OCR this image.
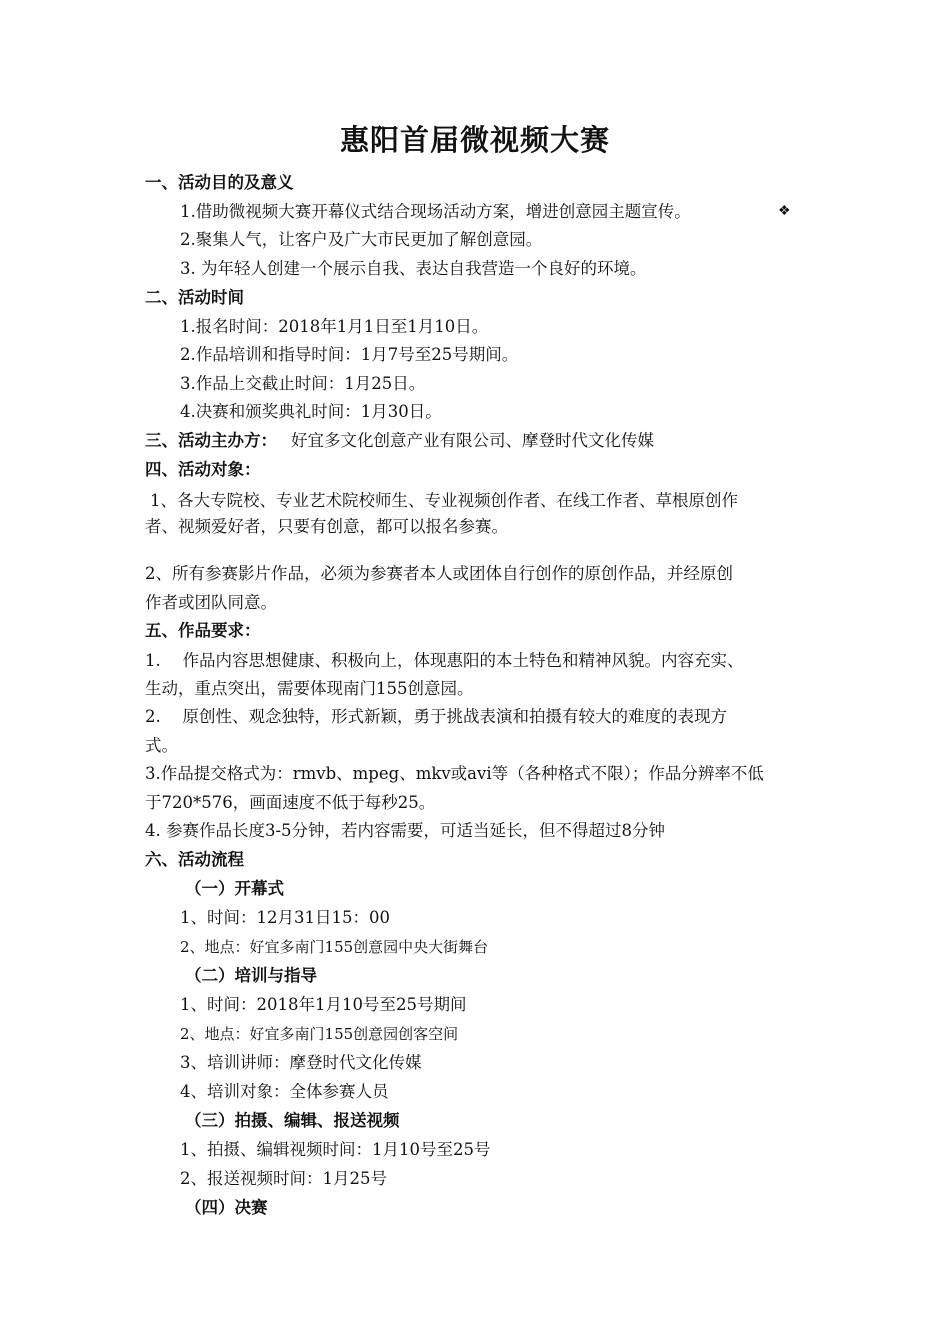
惠阳首届微视频大赛
一、活动目的及意义
1.借助微视频大赛开幕仪式结合现场活动方案，增进创意园主题宣传。	❖
2.聚集人气，让客户及广大市民更加了解创意园。
3. 为年轻人创建一个展示自我、表达自我营造一个良好的环境。
二、活动时间
1.报名时间：2018年1月1日至1月10日。
2.作品培训和指导时间：1月7号至25号期间。
3.作品上交截止时间：1月25日。
4.决赛和颁奖典礼时间：1月30日。
三、活动主办方： 好宜多文化创意产业有限公司、摩登时代文化传媒
四、活动对象：
1、各大专院校、专业艺术院校师生、专业视频创作者、在线工作者、草根原创作
者、视频爱好者，只要有创意，都可以报名参赛。
2、所有参赛影片作品，必须为参赛者本人或团体自行创作的原创作品，并经原创
作者或团队同意。
五、作品要求：
1.　 作品内容思想健康、积极向上，体现惠阳的本土特色和精神风貌。内容充实、
生动，重点突出，需要体现南门155创意园。
2.　 原创性、观念独特，形式新颖，勇于挑战表演和拍摄有较大的难度的表现方
式。
3.作品提交格式为：rmvb、mpeg、mkv或avi等（各种格式不限）；作品分辨率不低
于720*576，画面速度不低于每秒25。
4. 参赛作品长度3-5分钟，若内容需要，可适当延长，但不得超过8分钟
六、活动流程
（一）开幕式
1、时间：12月31日15：00
2、地点：好宜多南门155创意园中央大街舞台
（二）培训与指导
1、时间：2018年1月10号至25号期间
2、地点：好宜多南门155创意园创客空间
3、培训讲师：摩登时代文化传媒
4、培训对象：全体参赛人员
（三）拍摄、编辑、报送视频
1、拍摄、编辑视频时间：1月10号至25号
2、报送视频时间：1月25号
（四）决赛
